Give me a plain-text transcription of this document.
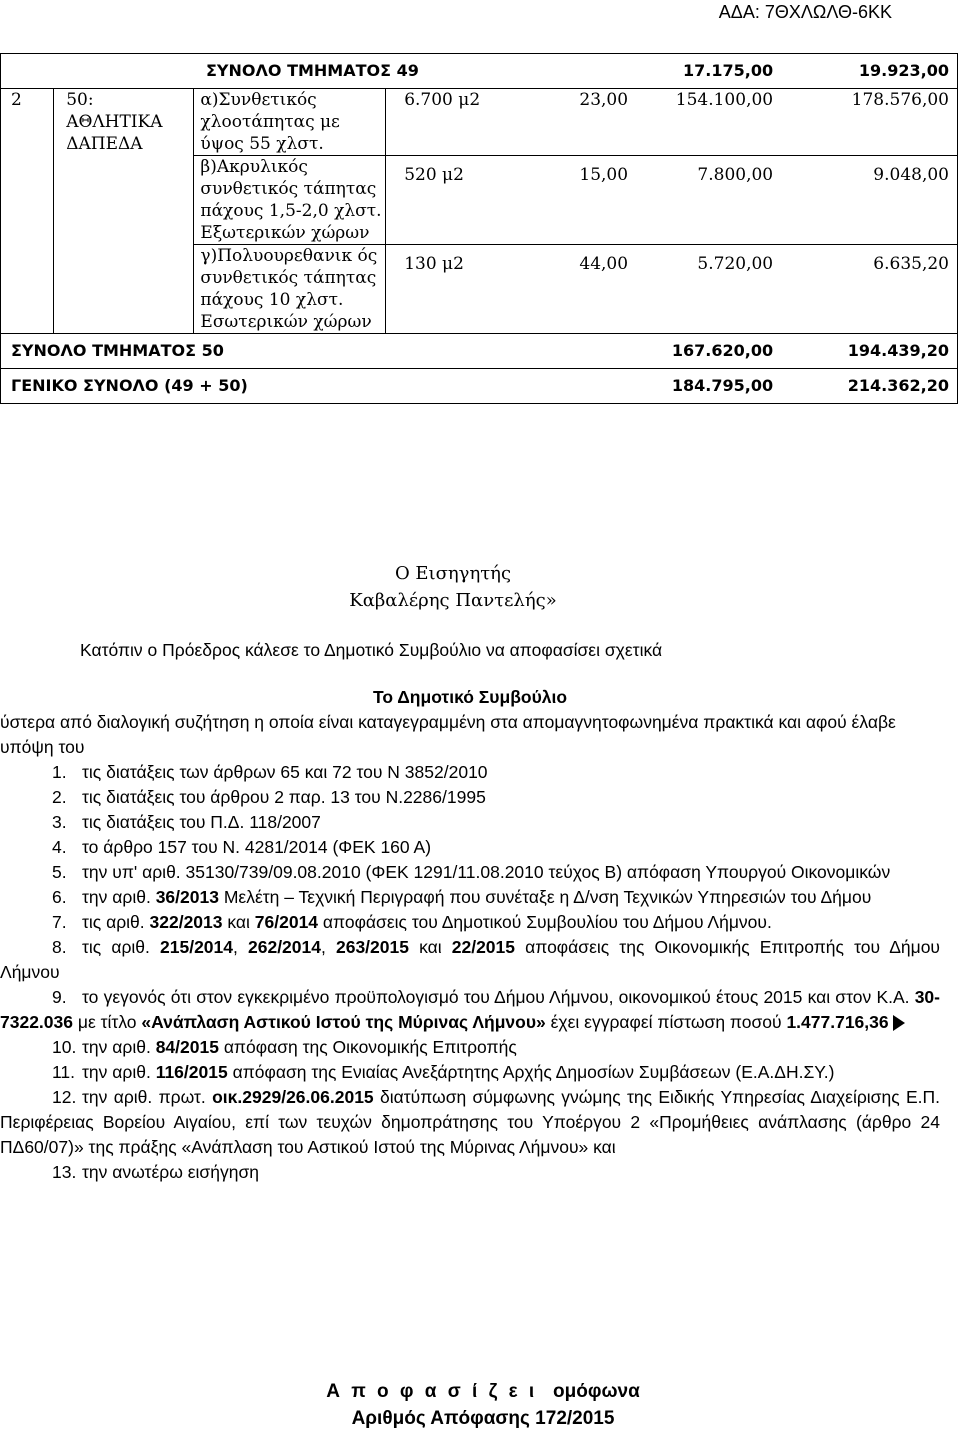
ΑΔΑ: 7ΘΧΛΩΛΘ-6ΚΚ
ΣΥΝΟΛΟ ΤΜΗΜΑΤΟΣ 49					17.175,00	19.923,00
2	50: ΑΘΛΗΤΙΚΑ ΔΑΠΕΔΑ	α)Συνθετικός χλοοτάπητας με ύψος 55 χλστ.	6.700 μ2	23,00	154.100,00	178.576,00
		β)Ακρυλικός συνθετικός τάπητας πάχους 1,5-2,0 χλστ. Εξωτερικών χώρων	520 μ2	15,00	7.800,00	9.048,00
		γ)Πολυουρεθανικ ός συνθετικός τάπητας πάχους 10 χλστ. Εσωτερικών χώρων	130 μ2	44,00	5.720,00	6.635,20
ΣΥΝΟΛΟ ΤΜΗΜΑΤΟΣ 50					167.620,00	194.439,20
ΓΕΝΙΚΟ ΣΥΝΟΛΟ (49 + 50)					184.795,00	214.362,20
Ο Εισηγητής
Καβαλέρης Παντελής»
Κατόπιν ο Πρόεδρος κάλεσε το Δημοτικό Συμβούλιο να αποφασίσει σχετικά
Το Δημοτικό Συμβούλιο
ύστερα από διαλογική συζήτηση η οποία είναι καταγεγραμμένη στα απομαγνητοφωνημένα πρακτικά και αφού έλαβε υπόψη του
1. τις διατάξεις των άρθρων 65 και 72 του Ν 3852/2010
2. τις διατάξεις του άρθρου 2 παρ. 13 του Ν.2286/1995
3. τις διατάξεις του Π.Δ. 118/2007
4. το άρθρο 157 του Ν. 4281/2014 (ΦΕΚ 160 Α)
5. την υπ' αριθ. 35130/739/09.08.2010 (ΦΕΚ 1291/11.08.2010 τεύχος Β) απόφαση Υπουργού Οικονομικών
6. την αριθ. 36/2013 Μελέτη – Τεχνική Περιγραφή που συνέταξε η Δ/νση Τεχνικών Υπηρεσιών του Δήμου
7. τις αριθ. 322/2013 και 76/2014 αποφάσεις του Δημοτικού Συμβουλίου του Δήμου Λήμνου.
8. τις αριθ. 215/2014, 262/2014, 263/2015 και 22/2015 αποφάσεις της Οικονομικής Επιτροπής του Δήμου Λήμνου
9. το γεγονός ότι στον εγκεκριμένο προϋπολογισμό του Δήμου Λήμνου, οικονομικού έτους 2015 και στον Κ.Α. 30-7322.036 με τίτλο «Ανάπλαση Αστικού Ιστού της Μύρινας Λήμνου» έχει εγγραφεί πίστωση ποσού 1.477.716,36
10. την αριθ. 84/2015 απόφαση της Οικονομικής Επιτροπής
11. την αριθ. 116/2015 απόφαση της Ενιαίας Ανεξάρτητης Αρχής Δημοσίων Συμβάσεων (Ε.Α.ΔΗ.ΣΥ.)
12. την αριθ. πρωτ. οικ.2929/26.06.2015 διατύπωση σύμφωνης γνώμης της Ειδικής Υπηρεσίας Διαχείρισης Ε.Π. Περιφέρειας Βορείου Αιγαίου, επί των τευχών δημοπράτησης του Υποέργου 2 «Προμήθειες ανάπλασης (άρθρο 24 ΠΔ60/07)» της πράξης «Ανάπλαση του Αστικού Ιστού της Μύρινας Λήμνου» και
13. την ανωτέρω εισήγηση
Α π ο φ α σ ί ζ ε ι ομόφωνα
Αριθμός Απόφασης 172/2015
